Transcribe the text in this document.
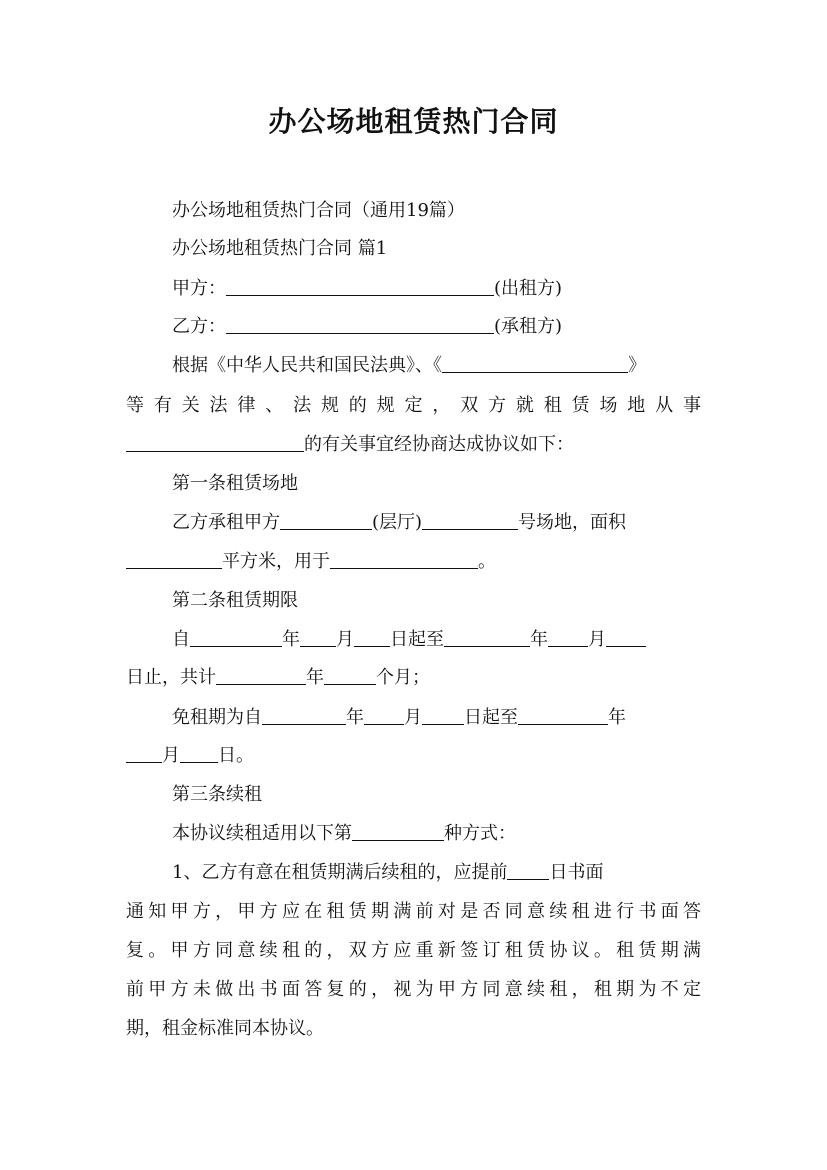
办公场地租赁热门合同
办公场地租赁热门合同（通用19篇）
办公场地租赁热门合同 篇1
甲方：	(出租方)
乙方：	(承租方)
根据《中华人民共和国民法典》、《	》
等有关法律、法规的规定，双方就租赁场地从事
的有关事宜经协商达成协议如下：
第一条租赁场地
乙方承租甲方	(层厅)	号场地，面积
平方米，用于	。
第二条租赁期限
自	年 月 日起至	年 月
日止，共计	年	个月；
免租期为自	年 月 日起至	年
月 日。
第三条续租
本协议续租适用以下第	种方式：
1、乙方有意在租赁期满后续租的，应提前 日书面
通知甲方，甲方应在租赁期满前对是否同意续租进行书面答
复。甲方同意续租的，双方应重新签订租赁协议。租赁期满
前甲方未做出书面答复的，视为甲方同意续租，租期为不定
期，租金标准同本协议。
